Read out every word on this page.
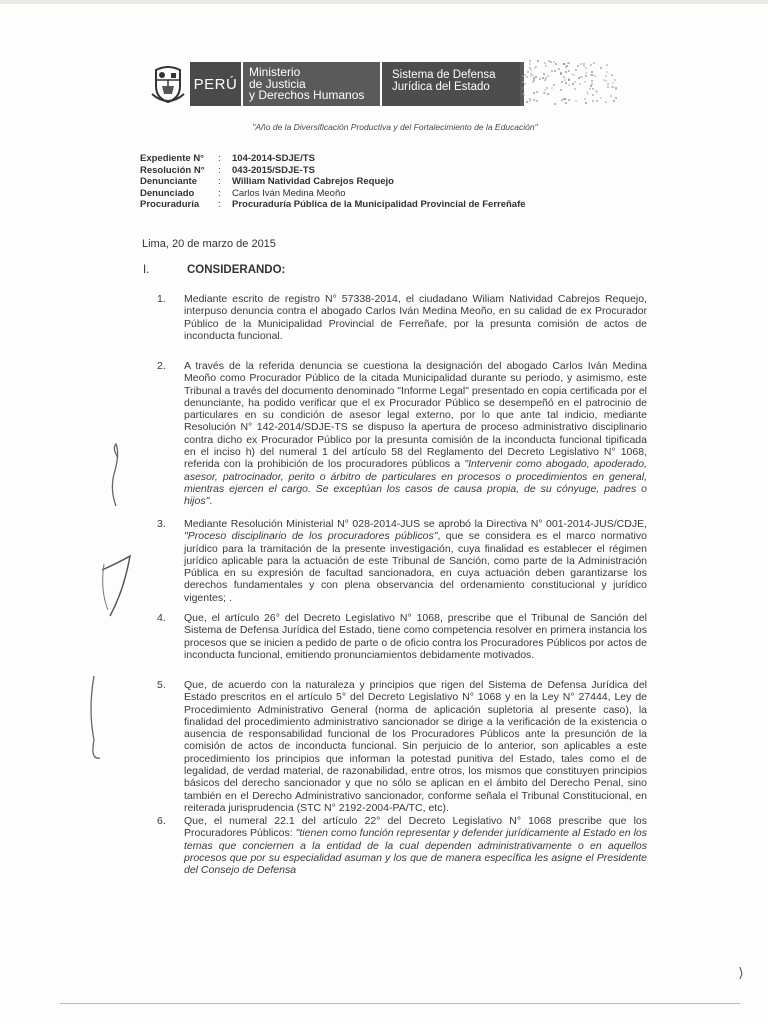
PERÚ
Ministerio
de Justicia
y Derechos Humanos
Sistema de Defensa
Jurídica del Estado
"Año de la Diversificación Productiva y del Fortalecimiento de la Educación"
Expediente N°	:	104-2014-SDJE/TS
Resolución N°	:	043-2015/SDJE-TS
Denunciante	:	William Natividad Cabrejos Requejo
Denunciado	:	Carlos Iván Medina Meoño
Procuraduría	:	Procuraduría Pública de la Municipalidad Provincial de Ferreñafe
Lima, 20 de marzo de 2015
I.	CONSIDERANDO:
1. Mediante escrito de registro N° 57338-2014, el ciudadano Wiliam Natividad Cabrejos Requejo, interpuso denuncia contra el abogado Carlos Iván Medina Meoño, en su calidad de ex Procurador Público de la Municipalidad Provincial de Ferreñafe, por la presunta comisión de actos de inconducta funcional.
2. A través de la referida denuncia se cuestiona la designación del abogado Carlos Iván Medina Meoño como Procurador Público de la citada Municipalidad durante su periodo, y asimismo, este Tribunal a través del documento denominado "Informe Legal" presentado en copia certificada por el denunciante, ha podido verificar que el ex Procurador Público se desempeñó en el patrocinio de particulares en su condición de asesor legal externo, por lo que ante tal indicio, mediante Resolución N° 142-2014/SDJE-TS se dispuso la apertura de proceso administrativo disciplinario contra dicho ex Procurador Público por la presunta comisión de la inconducta funcional tipificada en el inciso h) del numeral 1 del artículo 58 del Reglamento del Decreto Legislativo N° 1068, referida con la prohibición de los procuradores públicos a "Intervenir como abogado, apoderado, asesor, patrocinador, perito o árbitro de particulares en procesos o procedimientos en general, mientras ejercen el cargo. Se exceptúan los casos de causa propia, de su cónyuge, padres o hijos".
3. Mediante Resolución Ministerial N° 028-2014-JUS se aprobó la Directiva N° 001-2014-JUS/CDJE, "Proceso disciplinario de los procuradores públicos", que se considera es el marco normativo jurídico para la tramitación de la presente investigación, cuya finalidad es establecer el régimen jurídico aplicable para la actuación de este Tribunal de Sanción, como parte de la Administración Pública en su expresión de facultad sancionadora, en cuya actuación deben garantizarse los derechos fundamentales y con plena observancia del ordenamiento constitucional y jurídico vigentes; .
4. Que, el artículo 26° del Decreto Legislativo N° 1068, prescribe que el Tribunal de Sanción del Sistema de Defensa Jurídica del Estado, tiene como competencia resolver en primera instancia los procesos que se inicien a pedido de parte o de oficio contra los Procuradores Públicos por actos de inconducta funcional, emitiendo pronunciamientos debidamente motivados.
5. Que, de acuerdo con la naturaleza y principios que rigen del Sistema de Defensa Jurídica del Estado prescritos en el artículo 5° del Decreto Legislativo N° 1068 y en la Ley N° 27444, Ley de Procedimiento Administrativo General (norma de aplicación supletoria al presente caso), la finalidad del procedimiento administrativo sancionador se dirige a la verificación de la existencia o ausencia de responsabilidad funcional de los Procuradores Públicos ante la presunción de la comisión de actos de inconducta funcional. Sin perjuicio de lo anterior, son aplicables a este procedimiento los principios que informan la potestad punitiva del Estado, tales como el de legalidad, de verdad material, de razonabilidad, entre otros, los mismos que constituyen principios básicos del derecho sancionador y que no sólo se aplican en el ámbito del Derecho Penal, sino también en el Derecho Administrativo sancionador, conforme señala el Tribunal Constitucional, en reiterada jurisprudencia (STC N° 2192-2004-PA/TC, etc).
6. Que, el numeral 22.1 del artículo 22° del Decreto Legislativo N° 1068 prescribe que los Procuradores Públicos: "tienen como función representar y defender jurídicamente al Estado en los temas que conciernen a la entidad de la cual dependen administrativamente o en aquellos procesos que por su especialidad asuman y los que de manera específica les asigne el Presidente del Consejo de Defensa
